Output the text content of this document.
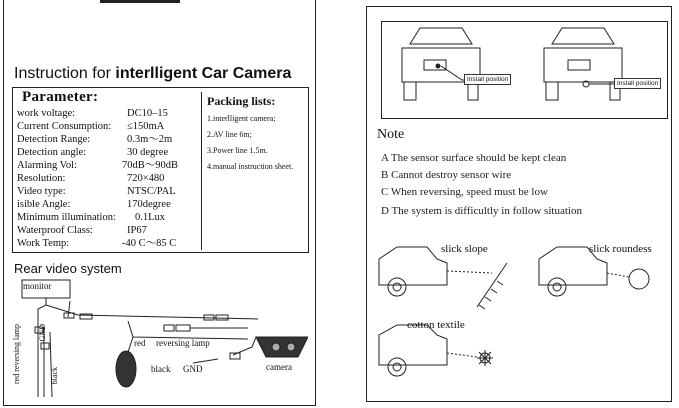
Instruction for interlligent Car Camera
Parameter:
work voltage:	DC10–15
Current Consumption: ≤150mA
Detection Range:	0.3m～2m
Detection angle:	30 degree
Alarming Vol:	70dB～90dB
Resolution:	720×480
Video type:	NTSC/PAL
isible Angle:	170degree
Minimum illumination: 0.1Lux
Waterproof Class:	IP67
Work Temp:	-40 C～85 C
Packing lists:
1.interlligent camera;
2.AV line 6m;
3.Power line 1.5m.
4.manual instruction sheet.
Rear video system
monitor
red reversing lamp GND
black
red reversing lamp
black GND	camera
Install position
Install position
Note
A The sensor surface should be kept clean
B Cannot destroy sensor wire
C When reversing, speed must be low
D The system is difficultly in follow situation
slick slope	slick roundess
cotton textile
